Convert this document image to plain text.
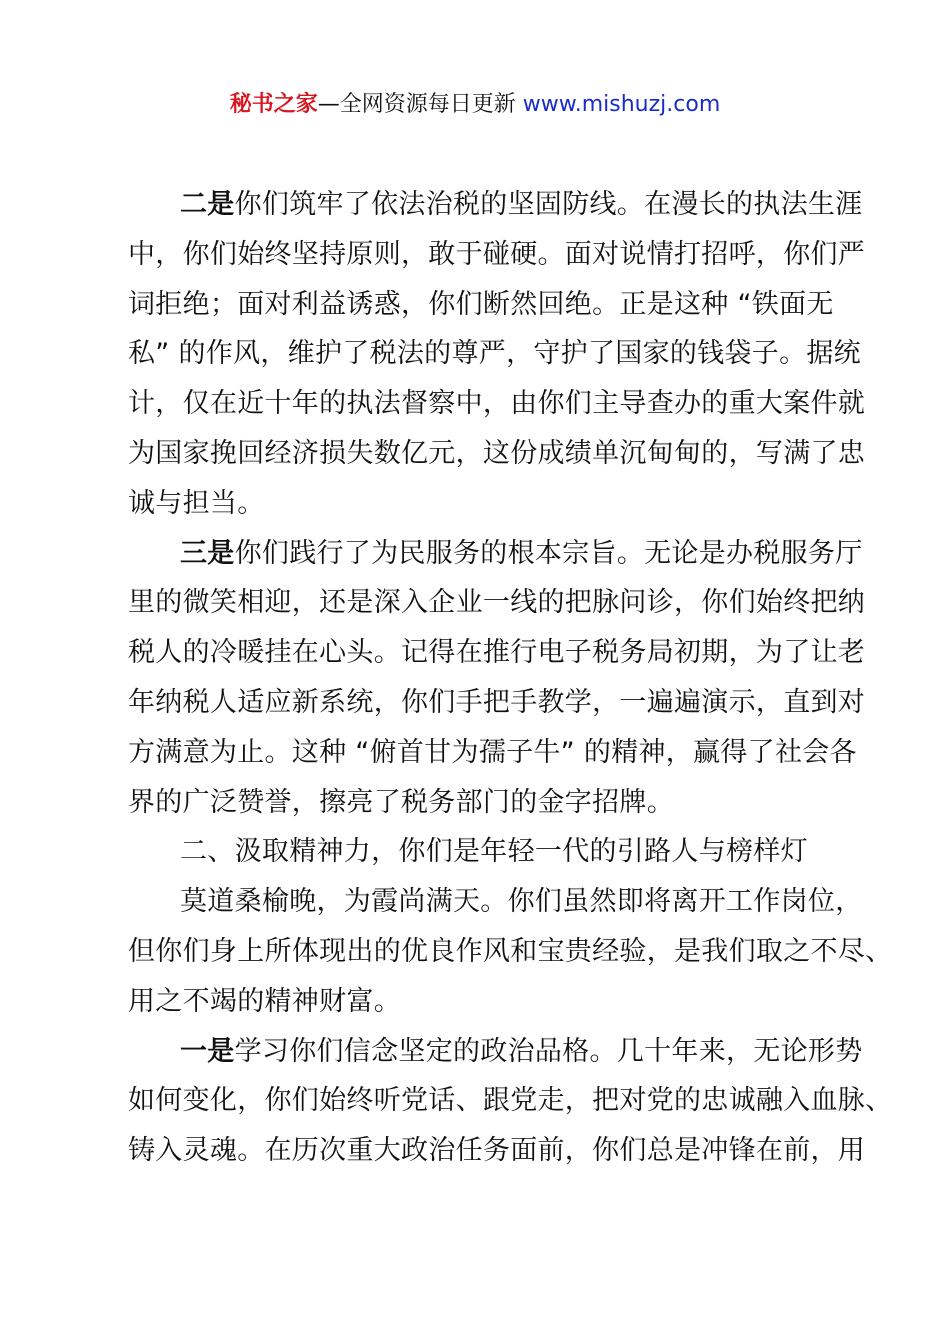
秘书之家—全网资源每日更新 www.mishuzj.com
二是你们筑牢了依法治税的坚固防线。在漫长的执法生涯
中，你们始终坚持原则，敢于碰硬。面对说情打招呼，你们严
词拒绝；面对利益诱惑，你们断然回绝。正是这种 “铁面无
私” 的作风，维护了税法的尊严，守护了国家的钱袋子。据统
计，仅在近十年的执法督察中，由你们主导查办的重大案件就
为国家挽回经济损失数亿元，这份成绩单沉甸甸的，写满了忠
诚与担当。
三是你们践行了为民服务的根本宗旨。无论是办税服务厅
里的微笑相迎，还是深入企业一线的把脉问诊，你们始终把纳
税人的冷暖挂在心头。记得在推行电子税务局初期，为了让老
年纳税人适应新系统，你们手把手教学，一遍遍演示，直到对
方满意为止。这种 “俯首甘为孺子牛” 的精神，赢得了社会各
界的广泛赞誉，擦亮了税务部门的金字招牌。
二、汲取精神力，你们是年轻一代的引路人与榜样灯
莫道桑榆晚，为霞尚满天。你们虽然即将离开工作岗位，
但你们身上所体现出的优良作风和宝贵经验，是我们取之不尽、
用之不竭的精神财富。
一是学习你们信念坚定的政治品格。几十年来，无论形势
如何变化，你们始终听党话、跟党走，把对党的忠诚融入血脉、
铸入灵魂。在历次重大政治任务面前，你们总是冲锋在前，用
